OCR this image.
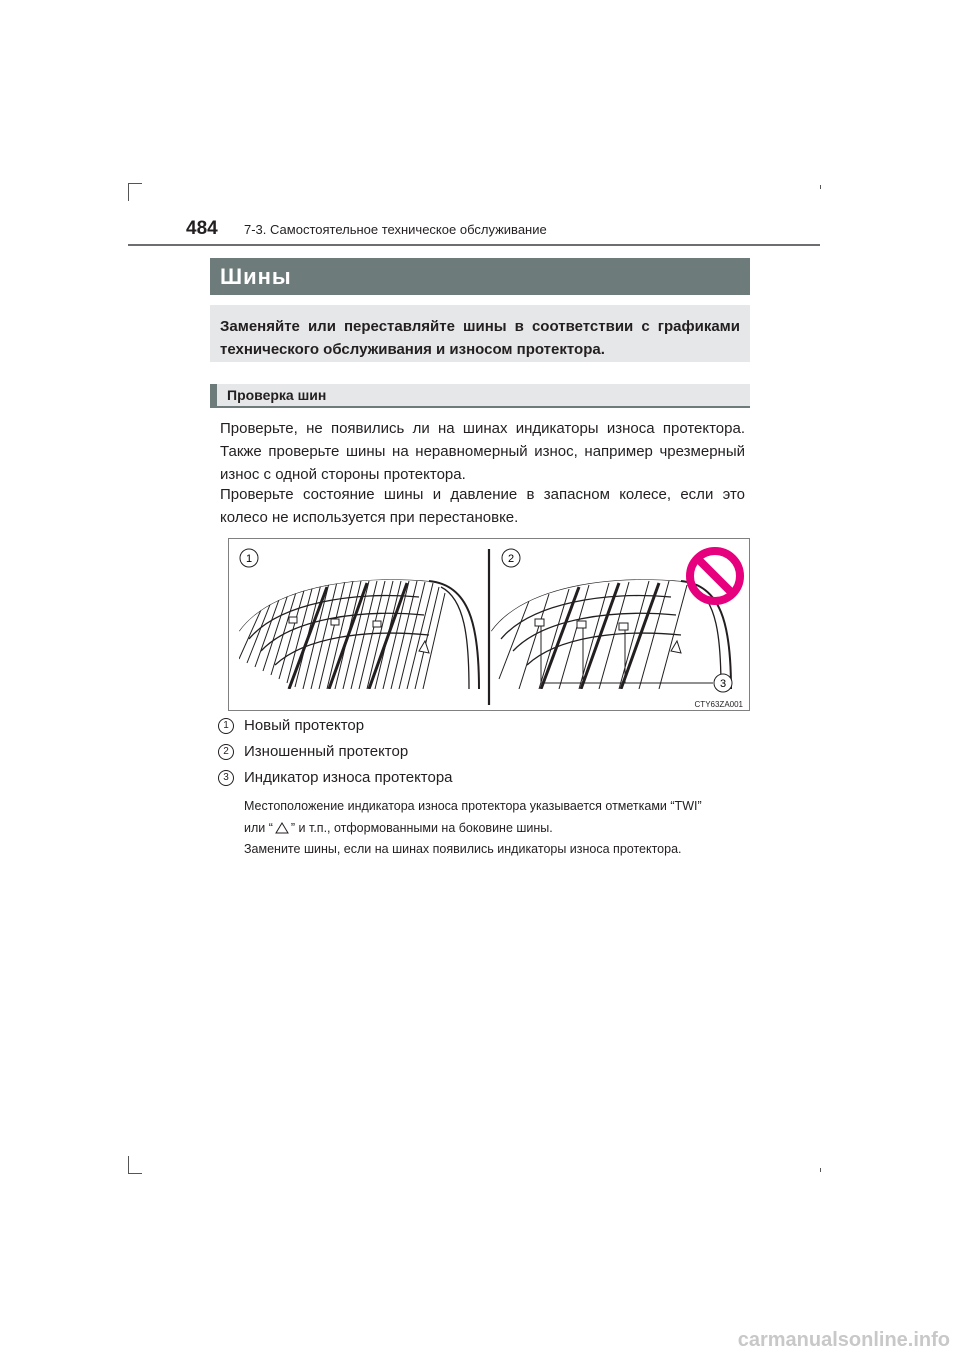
484 7-3. Самостоятельное техническое обслуживание
Шины
Заменяйте или переставляйте шины в соответствии с графиками технического обслуживания и износом протектора.
Проверка шин

Проверьте, не появились ли на шинах индикаторы износа протектора. Также проверьте шины на неравномерный износ, например чрезмерный износ с одной стороны протектора.

Проверьте состояние шины и давление в запасном колесе, если это колесо не используется при перестановке.

1	2
3
CTY63ZA001
1 Новый протектор
2 Изношенный протектор
3 Индикатор износа протектора

Местоположение индикатора износа протектора указывается отметками “TWI”
или “ ” и т.п., отформованными на боковине шины.

Замените шины, если на шинах появились индикаторы износа протектора.

carmanualsonline.info
